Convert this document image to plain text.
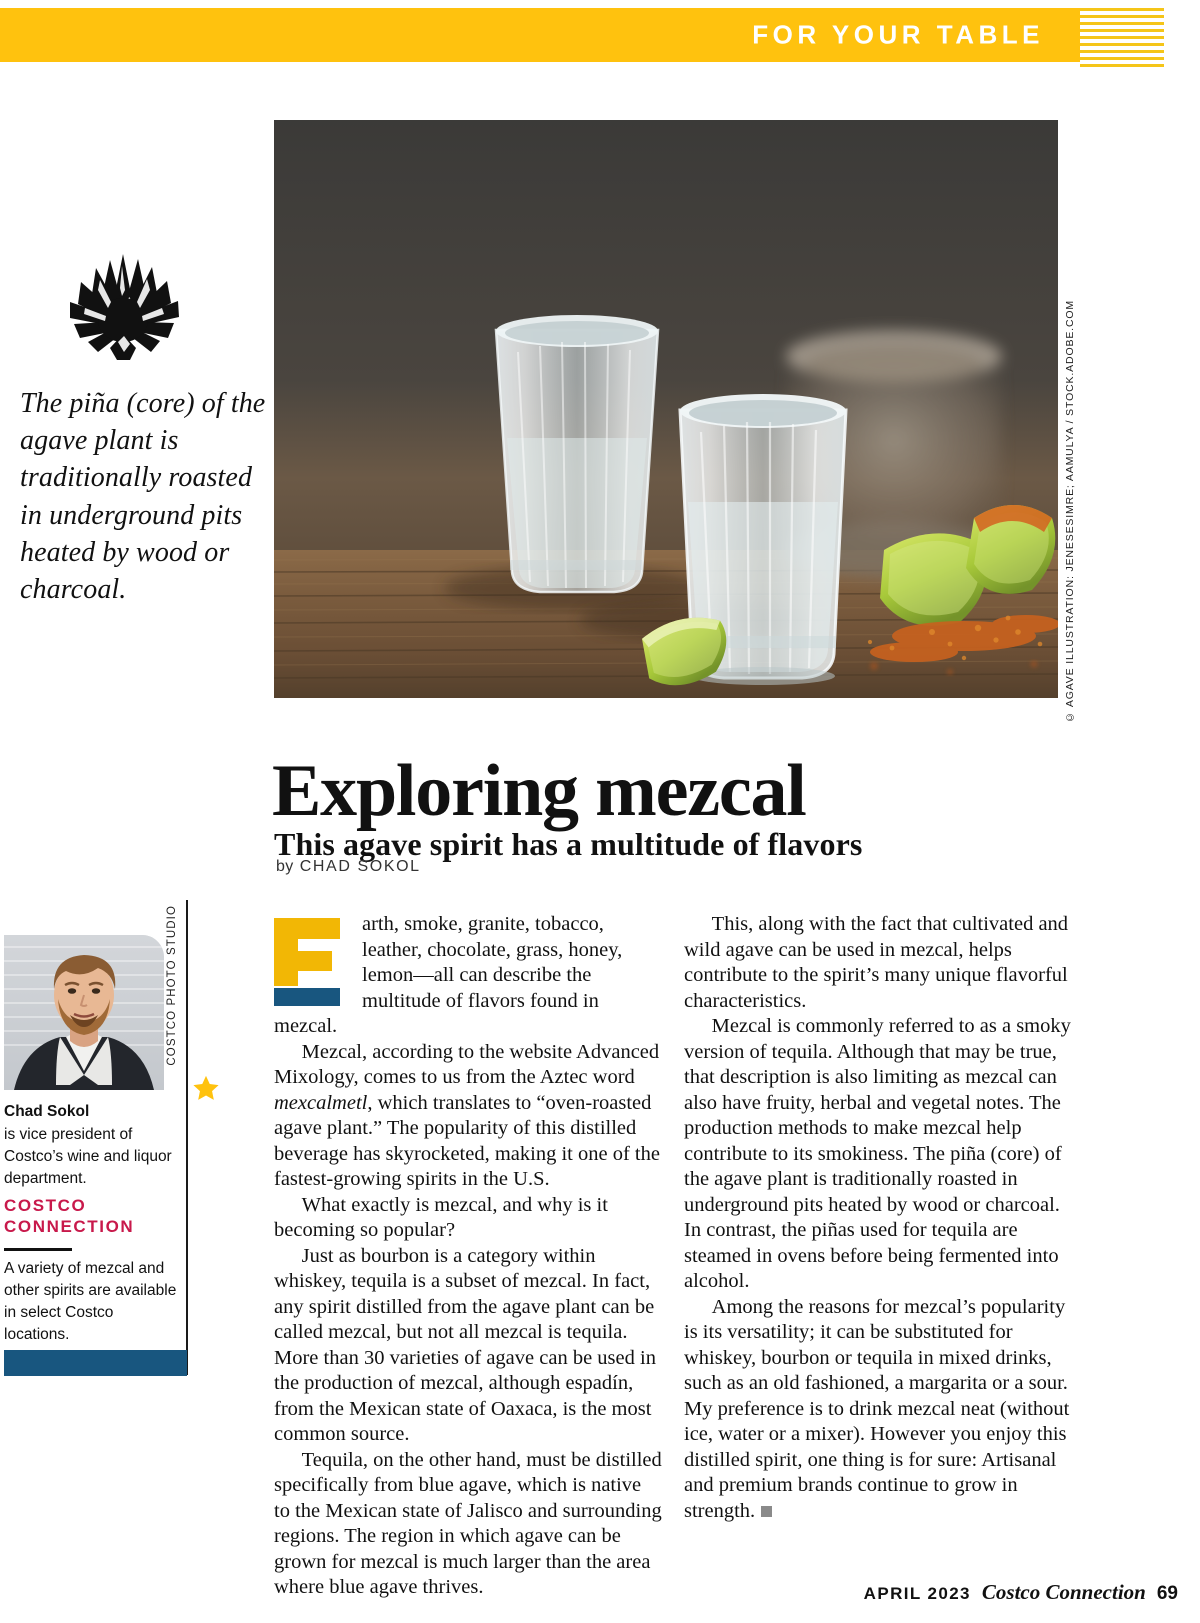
FOR YOUR TABLE
The piña (core) of the agave plant is traditionally roasted in underground pits heated by wood or charcoal.	© AGAVE ILLUSTRATION: JENESESIMRE; AAMULYA / STOCK.ADOBE.COM
Exploring mezcal
This agave spirit has a multitude of flavors
by CHAD SOKOL

arth, smoke, granite, tobacco, leather, chocolate, grass, honey, lemon—all can describe the multitude of flavors found in mezcal.

Mezcal, according to the website Advanced Mixology, comes to us from the Aztec word mexcalmetl, which translates to “oven-roasted agave plant.” The popularity of this distilled beverage has skyrocketed, making it one of the fastest-growing spirits in the U.S.

What exactly is mezcal, and why is it becoming so popular?

Just as bourbon is a category within whiskey, tequila is a subset of mezcal. In fact, any spirit distilled from the agave plant can be called mezcal, but not all mezcal is tequila. More than 30 varieties of agave can be used in the production of mezcal, although espadín, from the Mexican state of Oaxaca, is the most common source.

Tequila, on the other hand, must be distilled specifically from blue agave, which is native to the Mexican state of Jalisco and surrounding regions. The region in which agave can be grown for mezcal is much larger than the area where blue agave thrives.

This, along with the fact that cultivated and wild agave can be used in mezcal, helps contribute to the spirit’s many unique flavorful characteristics.

Mezcal is commonly referred to as a smoky version of tequila. Although that may be true, that description is also limiting as mezcal can also have fruity, herbal and vegetal notes. The production methods to make mezcal help contribute to its smokiness. The piña (core) of the agave plant is traditionally roasted in underground pits heated by wood or charcoal. In contrast, the piñas used for tequila are steamed in ovens before being fermented into alcohol.

Among the reasons for mezcal’s popularity is its versatility; it can be substituted for whiskey, bourbon or tequila in mixed drinks, such as an old fashioned, a margarita or a sour. My preference is to drink mezcal neat (without ice, water or a mixer). However you enjoy this distilled spirit, one thing is for sure: Artisanal and premium brands continue to grow in strength.

COSTCO PHOTO STUDIO
Chad Sokol
is vice president of Costco’s wine and liquor department.
COSTCO
CONNECTION
A variety of mezcal and other spirits are available in select Costco locations.
APRIL 2023 Costco Connection 69
